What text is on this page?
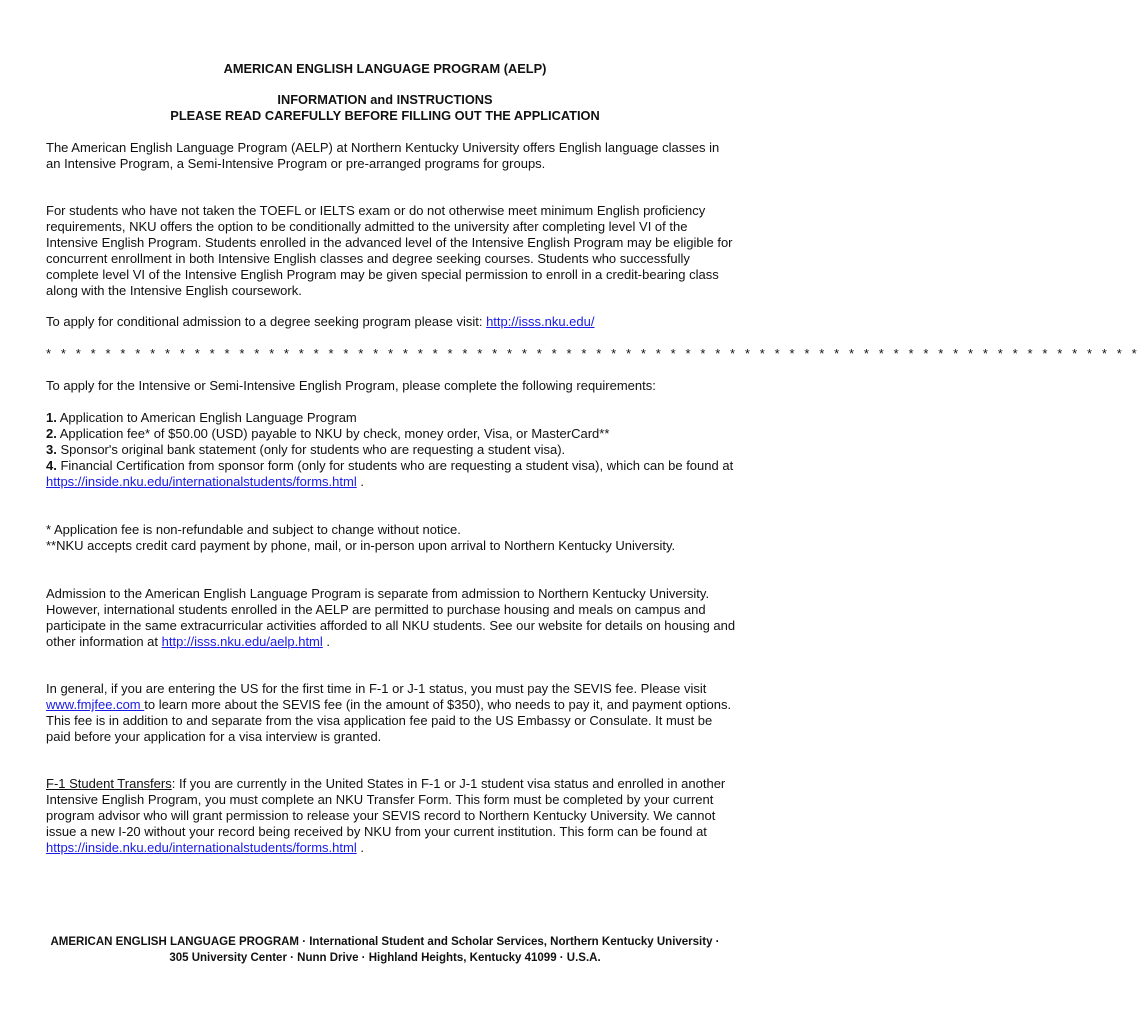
AMERICAN ENGLISH LANGUAGE PROGRAM (AELP)
INFORMATION and INSTRUCTIONS
PLEASE READ CAREFULLY BEFORE FILLING OUT THE APPLICATION
The American English Language Program (AELP) at Northern Kentucky University offers English language classes in an Intensive Program, a Semi-Intensive Program or pre-arranged programs for groups.
For students who have not taken the TOEFL or IELTS exam or do not otherwise meet minimum English proficiency requirements, NKU offers the option to be conditionally admitted to the university after completing level VI of the Intensive English Program. Students enrolled in the advanced level of the Intensive English Program may be eligible for concurrent enrollment in both Intensive English classes and degree seeking courses. Students who successfully complete level VI of the Intensive English Program may be given special permission to enroll in a credit-bearing class along with the Intensive English coursework.
To apply for conditional admission to a degree seeking program please visit: http://isss.nku.edu/
* * * * * * * * * * * * * * * * * * * * * * * * * * * * * * * * * * * * * * * * * * * * * * * * * * * * * * * * * * * * * * * * * * * * * * * * * *
To apply for the Intensive or Semi-Intensive English Program, please complete the following requirements:
1. Application to American English Language Program
2. Application fee* of $50.00 (USD) payable to NKU by check, money order, Visa, or MasterCard**
3. Sponsor's original bank statement (only for students who are requesting a student visa).
4. Financial Certification from sponsor form (only for students who are requesting a student visa), which can be found at https://inside.nku.edu/internationalstudents/forms.html .
* Application fee is non-refundable and subject to change without notice.
**NKU accepts credit card payment by phone, mail, or in-person upon arrival to Northern Kentucky University.
Admission to the American English Language Program is separate from admission to Northern Kentucky University. However, international students enrolled in the AELP are permitted to purchase housing and meals on campus and participate in the same extracurricular activities afforded to all NKU students. See our website for details on housing and other information at http://isss.nku.edu/aelp.html .
In general, if you are entering the US for the first time in F-1 or J-1 status, you must pay the SEVIS fee. Please visit www.fmjfee.com to learn more about the SEVIS fee (in the amount of $350), who needs to pay it, and payment options. This fee is in addition to and separate from the visa application fee paid to the US Embassy or Consulate. It must be paid before your application for a visa interview is granted.
F-1 Student Transfers: If you are currently in the United States in F-1 or J-1 student visa status and enrolled in another Intensive English Program, you must complete an NKU Transfer Form. This form must be completed by your current program advisor who will grant permission to release your SEVIS record to Northern Kentucky University. We cannot issue a new I-20 without your record being received by NKU from your current institution. This form can be found at https://inside.nku.edu/internationalstudents/forms.html .
AMERICAN ENGLISH LANGUAGE PROGRAM · International Student and Scholar Services, Northern Kentucky University · 305 University Center · Nunn Drive · Highland Heights, Kentucky 41099 · U.S.A.
